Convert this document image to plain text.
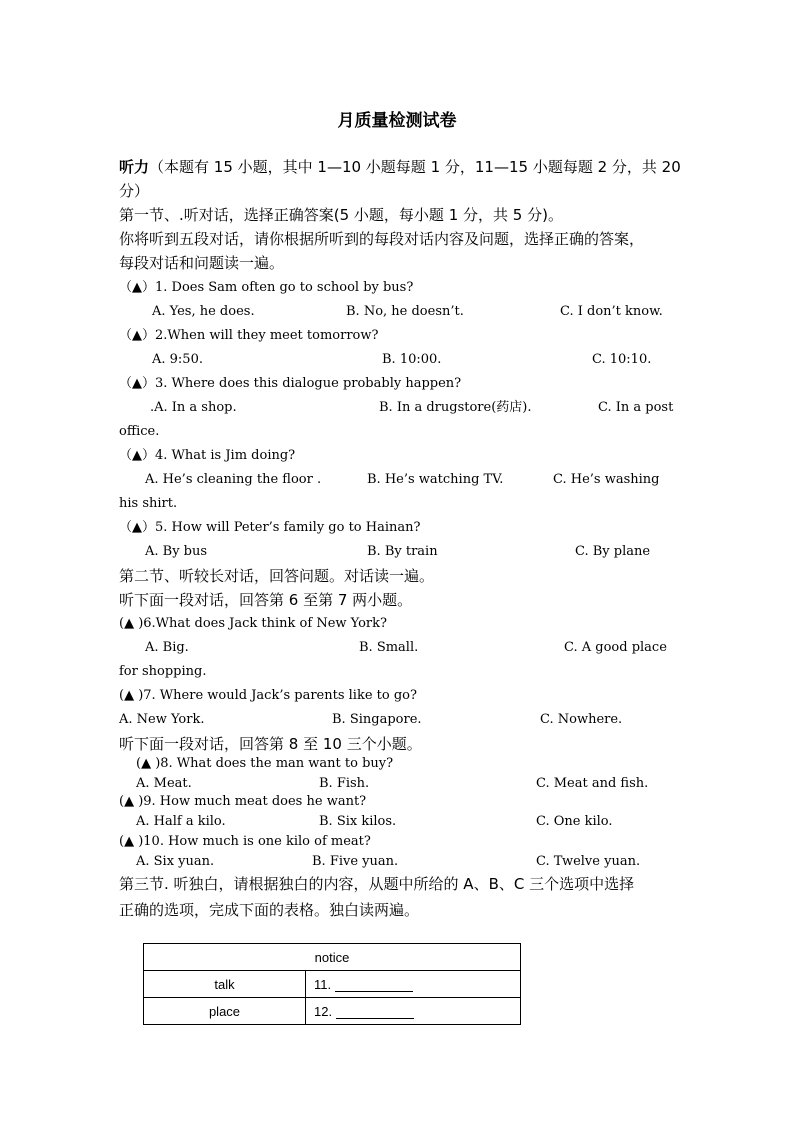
月质量检测试卷
听力（本题有 15 小题，其中 1—10 小题每题 1 分，11—15 小题每题 2 分，共 20
分）
第一节、.听对话，选择正确答案(5 小题，每小题 1 分，共 5 分)。
你将听到五段对话，请你根据所听到的每段对话内容及问题，选择正确的答案，
每段对话和问题读一遍。
（▲）1. Does Sam often go to school by bus?
A. Yes, he does.	B. No, he doesn’t.	C. I don’t know.
（▲）2.When will they meet tomorrow?
A. 9:50.	B. 10:00.	C. 10:10.
（▲）3. Where does this dialogue probably happen?
.A. In a shop.	B. In a drugstore(药店).	C. In a post
office.
（▲）4. What is Jim doing?
A. He’s cleaning the floor .	B. He’s watching TV.	C. He’s washing
his shirt.
（▲）5. How will Peter’s family go to Hainan?
A. By bus	B. By train	C. By plane
第二节、听较长对话，回答问题。对话读一遍。
听下面一段对话，回答第 6 至第 7 两小题。
(▲ )6.What does Jack think of New York?
A. Big.	B. Small.	C. A good place
for shopping.
(▲ )7. Where would Jack’s parents like to go?
A. New York.	B. Singapore.	C. Nowhere.
听下面一段对话，回答第 8 至 10 三个小题。
(▲ )8. What does the man want to buy?
A. Meat.	B. Fish.	C. Meat and fish.
(▲ )9. How much meat does he want?
A. Half a kilo.	B. Six kilos.	C. One kilo.
(▲ )10. How much is one kilo of meat?
A. Six yuan.	B. Five yuan.	C. Twelve yuan.
第三节. 听独白，请根据独白的内容，从题中所给的 A、B、C 三个选项中选择
正确的选项，完成下面的表格。独白读两遍。
notice	
talk	11.
place	12.
